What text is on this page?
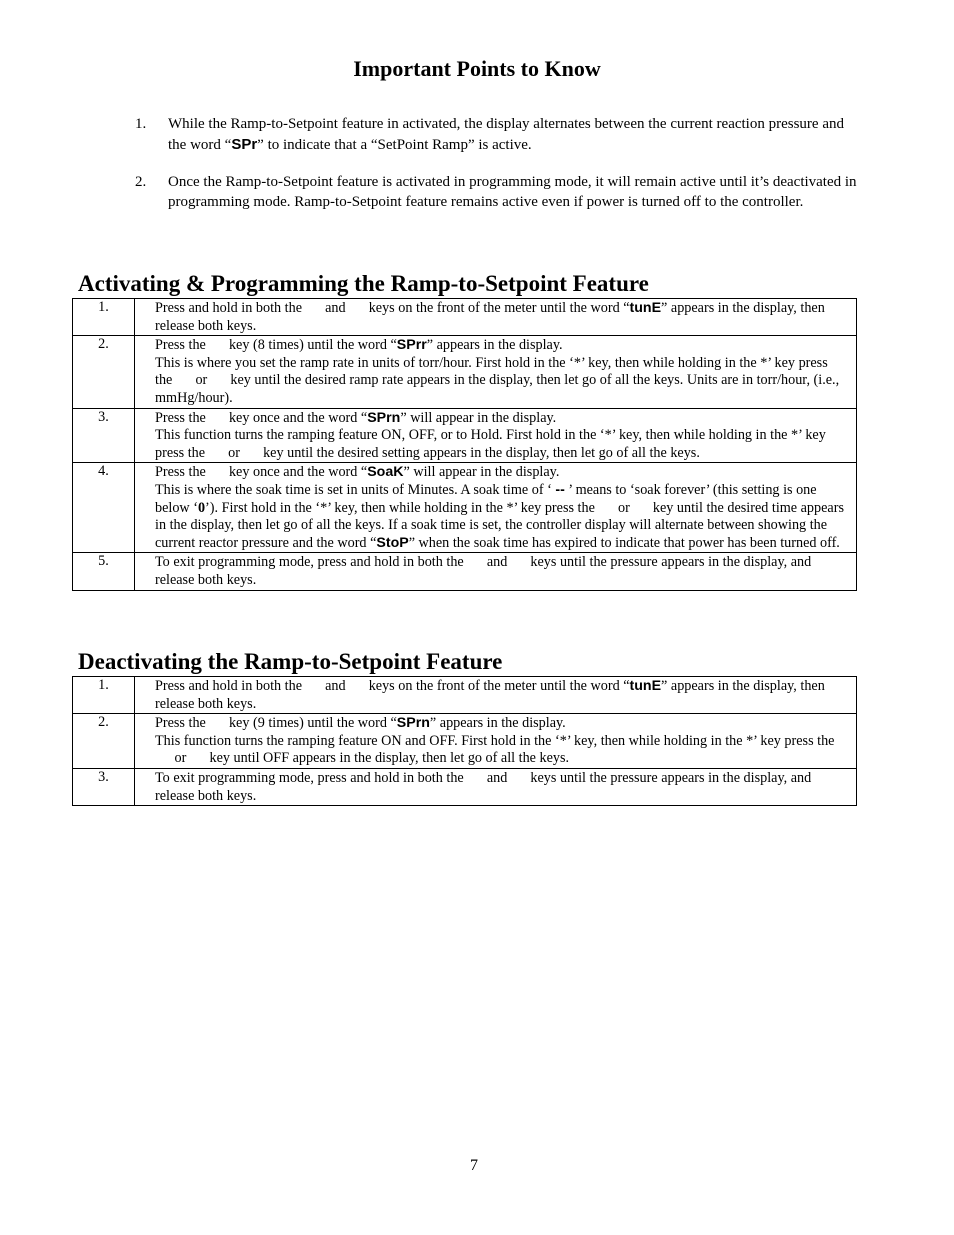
Important Points to Know
1.	While the Ramp-to-Setpoint feature in activated, the display alternates between the current reaction pressure and the word “SPr” to indicate that a “SetPoint Ramp” is active.
2.	Once the Ramp-to-Setpoint feature is activated in programming mode, it will remain active until it’s deactivated in programming mode. Ramp-to-Setpoint feature remains active even if power is turned off to the controller.
Activating & Programming the Ramp-to-Setpoint Feature
1.	Press and hold in both the and keys on the front of the meter until the word “tunE” appears in the display, then release both keys.

2.	Press the key (8 times) until the word “SPrr” appears in the display.
This is where you set the ramp rate in units of torr/hour. First hold in the ‘*’ key, then while holding in the *’ key press the or key until the desired ramp rate appears in the display, then let go of all the keys. Units are in torr/hour, (i.e., mmHg/hour).

3.	Press the key once and the word “SPrn” will appear in the display.
This function turns the ramping feature ON, OFF, or to Hold. First hold in the ‘*’ key, then while holding in the *’ key press the or key until the desired setting appears in the display, then let go of all the keys.

4.	Press the key once and the word “SoaK” will appear in the display.
This is where the soak time is set in units of Minutes. A soak time of ‘ -- ’ means to ‘soak forever’ (this setting is one below ‘0’). First hold in the ‘*’ key, then while holding in the *’ key press the or key until the desired time appears in the display, then let go of all the keys. If a soak time is set, the controller display will alternate between showing the current reactor pressure and the word “StoP” when the soak time has expired to indicate that power has been turned off.

5.	To exit programming mode, press and hold in both the and keys until the pressure appears in the display, and release both keys.
Deactivating the Ramp-to-Setpoint Feature
1.	Press and hold in both the and keys on the front of the meter until the word “tunE” appears in the display, then release both keys.

2.	Press the key (9 times) until the word “SPrn” appears in the display.
This function turns the ramping feature ON and OFF. First hold in the ‘*’ key, then while holding in the *’ key press the  or key until OFF appears in the display, then let go of all the keys.

3.	To exit programming mode, press and hold in both the and keys until the pressure appears in the display, and release both keys.
7
